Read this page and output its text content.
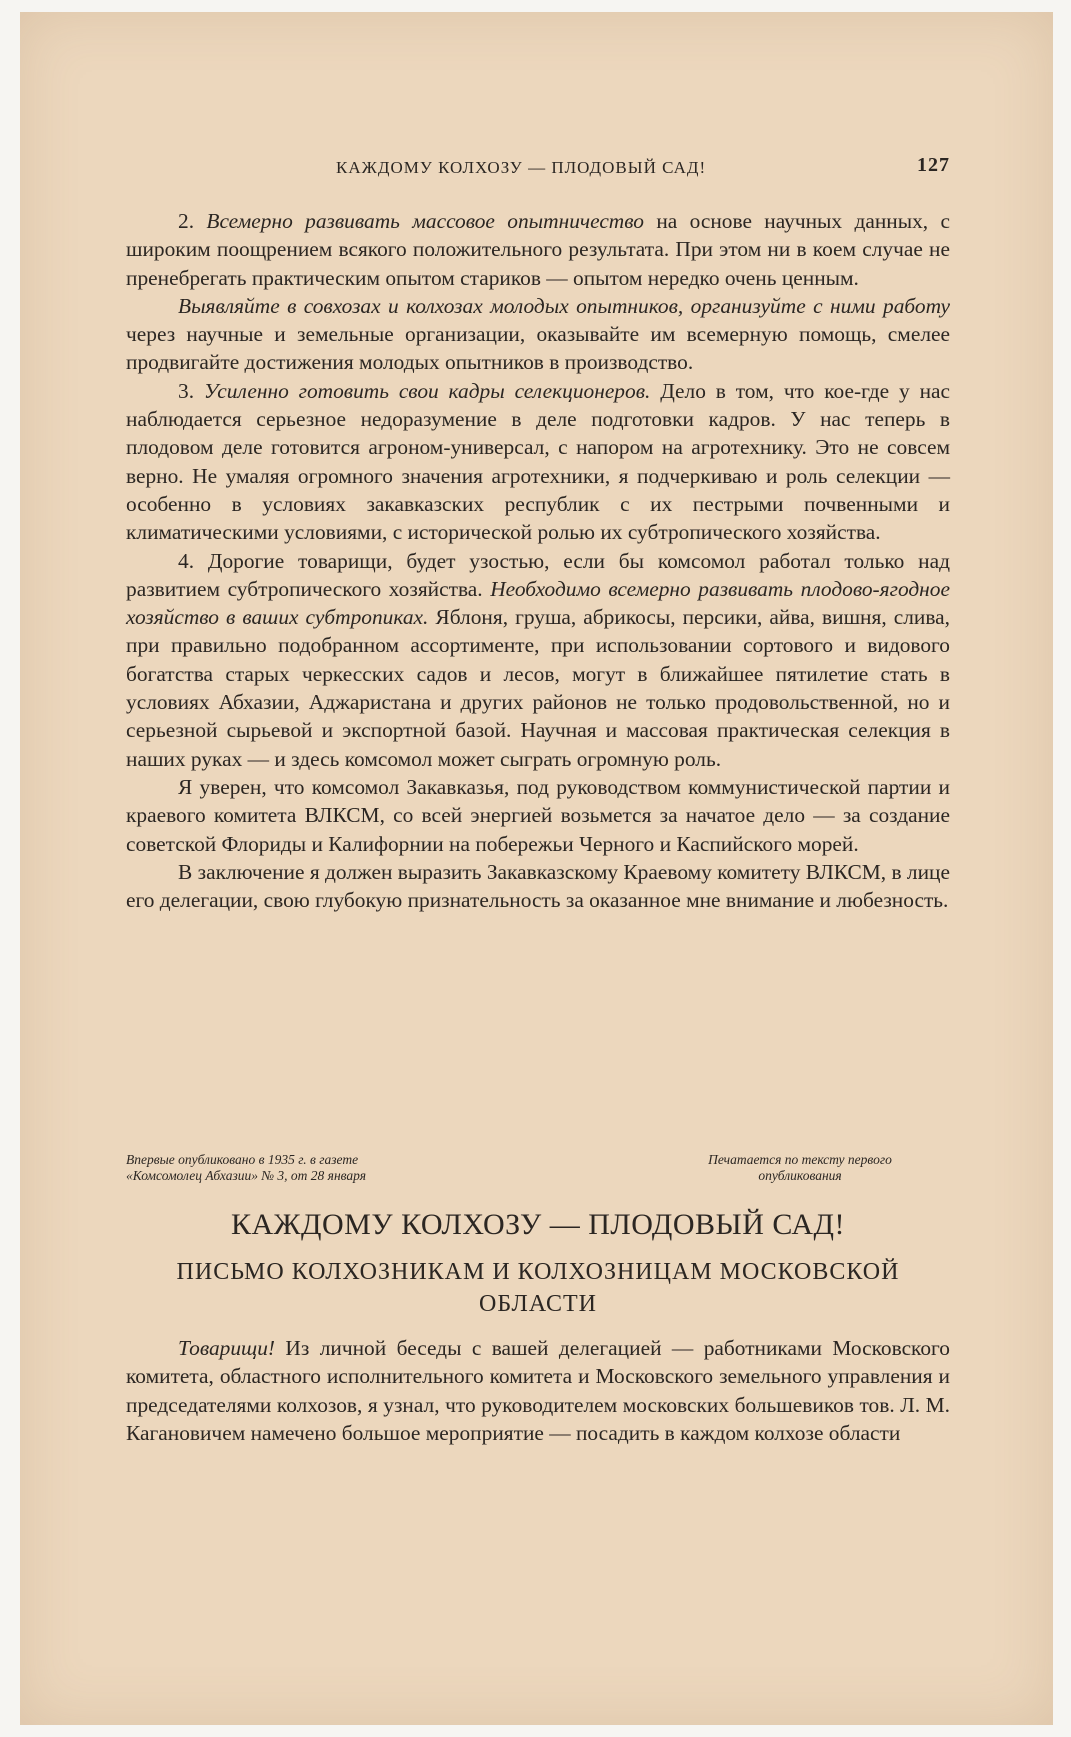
КАЖДОМУ КОЛХОЗУ — ПЛОДОВЫЙ САД!	127

2. Всемерно развивать массовое опытничество на основе научных данных, с широким поощрением всякого положительного результата. При этом ни в коем случае не пренебрегать практическим опытом стариков — опытом нередко очень ценным.

Выявляйте в совхозах и колхозах молодых опытников, организуйте с ними работу через научные и земельные организации, оказывайте им всемерную помощь, смелее продвигайте достижения молодых опытников в производство.

3. Усиленно готовить свои кадры селекционеров. Дело в том, что кое-где у нас наблюдается серьезное недоразумение в деле подготовки кадров. У нас теперь в плодовом деле готовится агроном-универсал, с напором на агротехнику. Это не совсем верно. Не умаляя огромного значения агротехники, я подчеркиваю и роль селекции — особенно в условиях закавказских республик с их пестрыми почвенными и климатическими условиями, с исторической ролью их субтропического хозяйства.

4. Дорогие товарищи, будет узостью, если бы комсомол работал только над развитием субтропического хозяйства. Необходимо всемерно развивать плодово-ягодное хозяйство в ваших субтропиках. Яблоня, груша, абрикосы, персики, айва, вишня, слива, при правильно подобранном ассортименте, при использовании сортового и видового богатства старых черкесских садов и лесов, могут в ближайшее пятилетие стать в условиях Абхазии, Аджаристана и других районов не только продовольственной, но и серьезной сырьевой и экспортной базой. Научная и массовая практическая селекция в наших руках — и здесь комсомол может сыграть огромную роль.

Я уверен, что комсомол Закавказья, под руководством коммунистической партии и краевого комитета ВЛКСМ, со всей энергией возьмется за начатое дело — за создание советской Флориды и Калифорнии на побережьи Черного и Каспийского морей.

В заключение я должен выразить Закавказскому Краевому комитету ВЛКСМ, в лице его делегации, свою глубокую признательность за оказанное мне внимание и любезность.

Впервые опубликовано в 1935 г. в газете
«Комсомолец Абхазии» № 3, от 28 января
Печатается по тексту первого
опубликования
КАЖДОМУ КОЛХОЗУ — ПЛОДОВЫЙ САД!
ПИСЬМО КОЛХОЗНИКАМ И КОЛХОЗНИЦАМ МОСКОВСКОЙ
ОБЛАСТИ

Товарищи! Из личной беседы с вашей делегацией — работниками Московского комитета, областного исполнительного комитета и Московского земельного управления и председателями колхозов, я узнал, что руководителем московских большевиков тов. Л. М. Кагановичем намечено большое мероприятие — посадить в каждом колхозе области
